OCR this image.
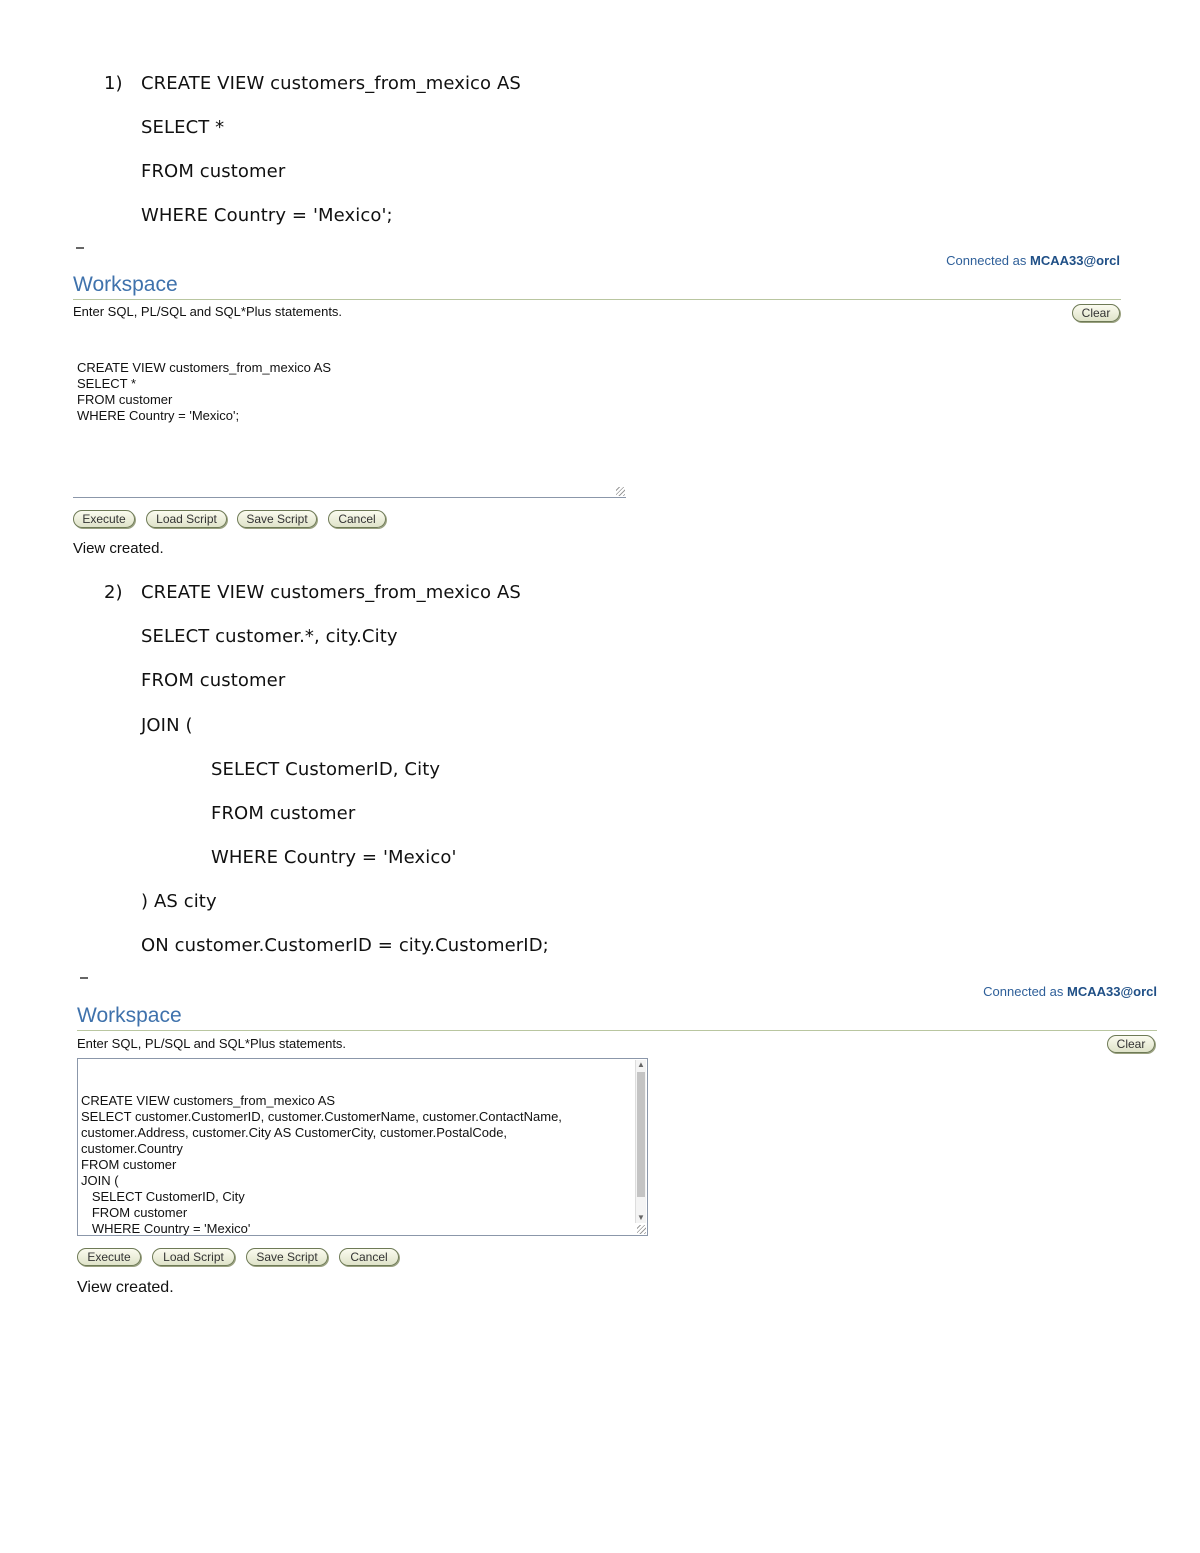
1) CREATE VIEW customers_from_mexico AS
SELECT *
FROM customer
WHERE Country = 'Mexico';
Connected as MCAA33@orcl
Workspace
Enter SQL, PL/SQL and SQL*Plus statements.	Clear

CREATE VIEW customers_from_mexico AS
SELECT *
FROM customer
WHERE Country = 'Mexico';

Execute	Load Script	Save Script	Cancel
View created.
2) CREATE VIEW customers_from_mexico AS
SELECT customer.*, city.City
FROM customer
JOIN (
SELECT CustomerID, City
FROM customer
WHERE Country = 'Mexico'
) AS city
ON customer.CustomerID = city.CustomerID;
Connected as MCAA33@orcl
Workspace
Enter SQL, PL/SQL and SQL*Plus statements.	Clear

CREATE VIEW customers_from_mexico AS
SELECT customer.CustomerID, customer.CustomerName, customer.ContactName,
customer.Address, customer.City AS CustomerCity, customer.PostalCode,
customer.Country
FROM customer
JOIN (
SELECT CustomerID, City
FROM customer
WHERE Country = 'Mexico'

▲

▼

Execute	Load Script	Save Script	Cancel
View created.
